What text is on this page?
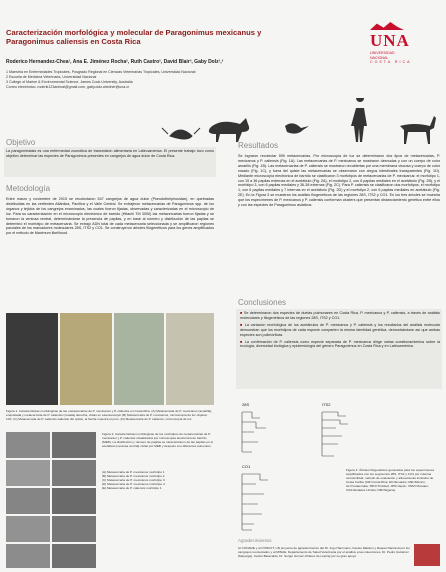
Caracterización morfológica y molecular de Paragonimus mexicanus y Paragonimus caliensis en Costa Rica
Roderico Hernandez-Chea¹, Ana E. Jiménez Rocha², Ruth Castro², David Blair³, Gaby Dolz¹,²
1 Maestría en Enfermedades Tropicales, Posgrado Regional en Ciencias Veterinarias Tropicales, Universidad Nacional
2 Escuela de Medicina Veterinaria, Universidad Nacional
3 College of Marine & Environmental Science, James Cook University, Australia
Correo electrónico: roderik123animal@gmail.com, gaby.dolz.wiedner@una.cr
UNA
UNIVERSIDAD
NACIONAL
COSTA RICA
Objetivo
La paragonimiasis es una enfermedad zoonótica de transmisión alimentaria en Latinoamérica. El presente trabajo tuvo como objetivo determinar las especies de Paragonimus presentes en cangrejos de agua dulce de Costa Rica.
Metodología
Entre marzo y noviembre de 2015 se recolectaron 547 cangrejos de agua dulce (Pseudothelphusidae), en quebradas distribuidas en las vertientes Atlántica, Pacífica y el Valle Central. Se extrajeron metacercarias de Paragonimus spp. de los órganos y tejidos de los cangrejos examinados, las cuales fueron fijadas, observadas y caracterizadas en el microscopio de luz. Para su caracterización en el microscopio electrónico de barrido (Hitachi TM 3000) las metacercarias fueron fijadas y se tomaron la ventosa ventral, determinándose la presencia de papilas, y en base al número y distribución de las papilas se determinó el morfotipo de metacercaria. Se extrajo ADN total de cada metacercaria seleccionada y se amplificaron regiones parciales de los marcadores moleculares 28S, ITS2 y CO1. Se construyeron árboles filogenéticos para los genes amplificados por el método de Maximum likelihood.
Figura 1. Características morfológicas de las metacercarias de P. mexicanus y P. caliensis en Costa Rica. (A) Metacercaria de P. mexicanus (amarilla), enquistada y metacercaria de P. caliensis (rosada) derecha, vistas en estereoscopio (B) Metacercaria de P. mexicanus, microscopía de luz objetivo 10X. (C) Metacercaria de P. caliensis saliendo del quiste, la flecha muestra el poro. (D) Metacercaria de P. caliensis, microscopía de luz.
Figura 2. Características morfológicas de los morfotipos de metacercarias de P. mexicanus y P. caliensis visualizados por microscopía electrónica de barrido (MEB). La distribución y número de papilas se caracterizaron de las papilas en el acetábulo (ventosa ventral) vistas por MEB y después con diferentes aumentos.
(A) Metacercaria de P. mexicanus morfotipo 1
(B) Metacercaria de P. mexicanus morfotipo 2
(C) Metacercaria de P. mexicanus morfotipo 3
(D) Metacercaria de P. mexicanus morfotipo 4
(E) Metacercaria de P. caliensis morfotipo 1
Resultados
Se lograron recolectar 599 metacercarias. Por microscopía de luz se determinaron dos tipos de metacercarias, P. mexicanus y P. caliensis (Fig. 1A). Las metacercarias de P. mexicanus se mostraron desnudas y con un cuerpo de color amarillo (Fig. 1B). Las metacercarias de P. caliensis se mostraron recubiertas por una membrana viscosa y cuerpo de color rosado (Fig. 1C), y fuera del quiste las metacercarias se observaron con ciegos intestinales transparentes (Fig. 1D). Mediante microscopía electrónica de barrido se clasificaron 3 morfotipos de metacercarias de P. mexicanus: el morfotipo 1, con 19 a 36 papilas externas en el acetábulo (Fig. 2A), el morfotipo 2, con 6 papilas mediales en el acetábulo (Fig. 2B), y el morfotipo 3, con 6 papilas mediales y 36-38 externas (Fig. 2C). Para P. caliensis se clasificaron dos morfotipos, el morfotipo 1, con 6 papilas mediales y 7 internas en el acetábulo (Fig. 2D) y el morfotipo 2, con 6 papilas mediales en acetábulo (Fig. 2E). En la Figura 3 se muestran los análisis filogenéticos de las regiones 28S, ITS2 y CO1. En los tres árboles se muestra que los especímenes de P. mexicanus y P. caliensis conforman clusters que presentan distanciamiento genético entre ellos y con las especies de Paragonimus asiáticos.
Conclusiones
■ Se determinaron dos especies de duelas pulmonares en Costa Rica, P. mexicanus y P. caliensis, a través de análisis moleculares y filogenéticos de las regiones 28S, ITS2 y CO1.
■ La variación morfológica de los acetábulos de P. mexicanus y P. caliensis y los resultados del análisis molecular demuestran que los morfotipos de cada especie comparten la misma identidad genética, demostrándose así que ambas especies son polimórficas.
■ La confirmación de P. caliensis como especie separada de P. mexicanus dirige varias cuestionamientos sobre la ecología, diversidad biológica y epidemiología del género Paragonimus en Costa Rica y en Latinoamérica.
28S	ITS2
CO1
Figura 3. Árboles filogenéticos generados para los especímenes amplificados con los segmentos 28S, ITS2 y CO1 por máxima verosimilitud, método de evaluación y alineamiento incluidos de Costa Caribe (CR=Costa Rica; EC=Ecuador; ME=México; GU=Guatemala; TRN=Trinidad; JPN=Japón; VNM=Vietnam; USA=Estados Unidos; NM=Nigeria).
Agradecimientos
Al CONARE y al CONICIT, UN proyecto de agradecimiento del Dr. Ingo Hammann, Fausto Mattioni y Raquel Nacional por los cangrejos recolectados y al MINAE, Departamento de Salud Veterinaria por el análisis a las colecciones, Dr. Pedro Gutiérrez (Mayorga), Carlos Baracaldo, Dr. Sergio Gómez-Chávez de Leipzig por su gran apoyo.
